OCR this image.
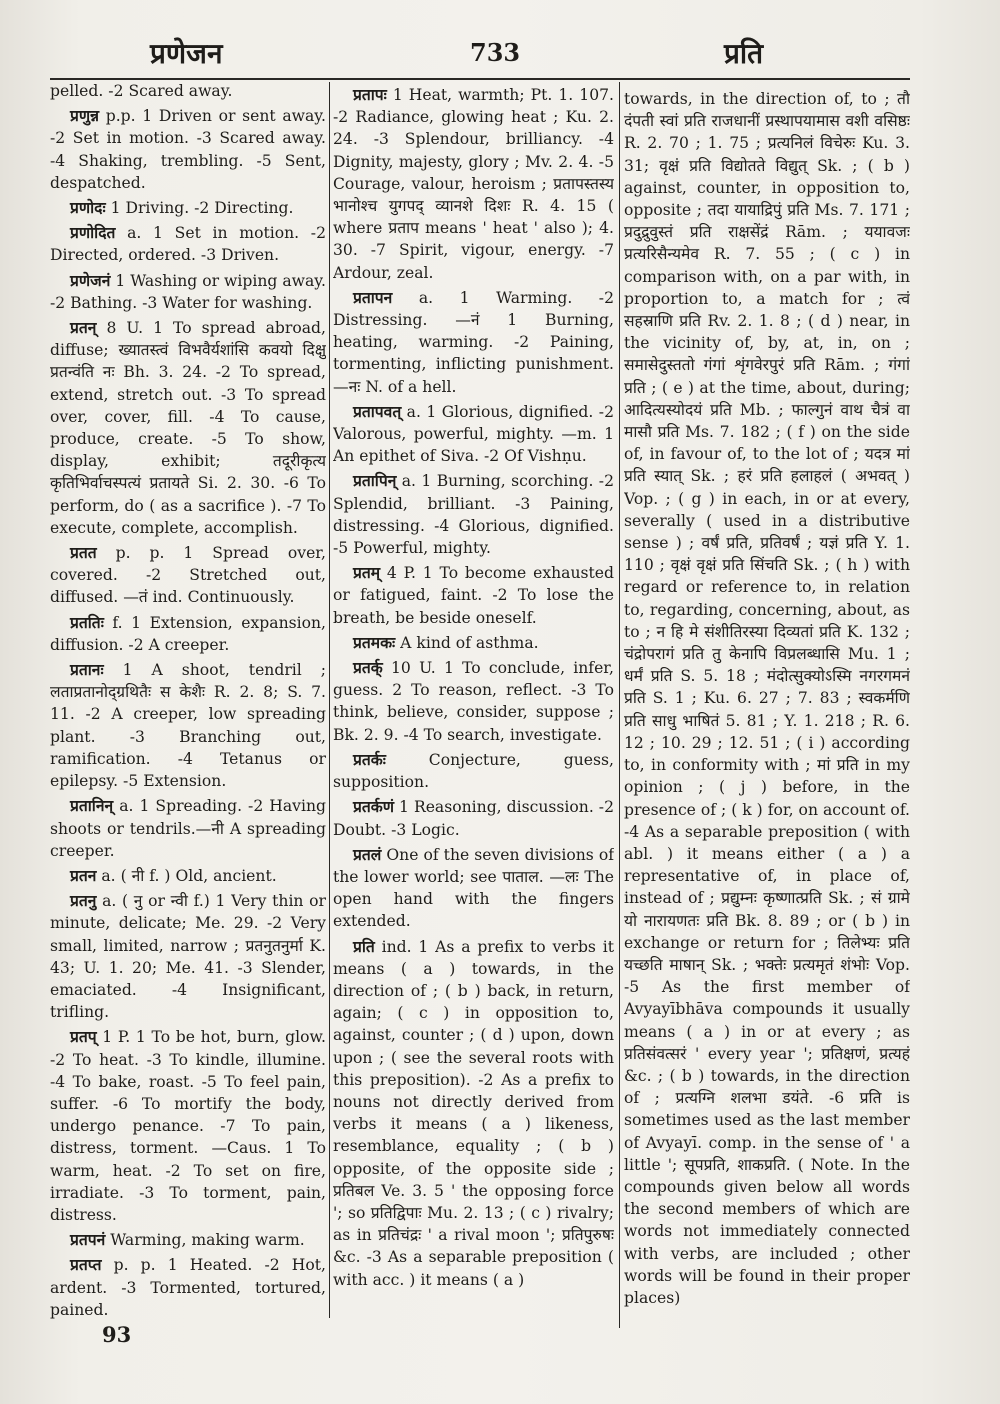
प्रणेजन	733	प्रति

pelled. -2 Scared away.

प्रणुन्न p.p. 1 Driven or sent away. -2 Set in motion. -3 Scared away. -4 Shaking, trembling. -5 Sent, despatched.

प्रणोदः 1 Driving. -2 Directing.

प्रणोदित a. 1 Set in motion. -2 Directed, ordered. -3 Driven.

प्रणेजनं 1 Washing or wiping away. -2 Bathing. -3 Water for washing.

प्रतन् 8 U. 1 To spread abroad, diffuse; ख्यातस्त्वं विभवैर्यशांसि कवयो दिक्षु प्रतन्वंति नः Bh. 3. 24. -2 To spread, extend, stretch out. -3 To spread over, cover, fill. -4 To cause, produce, create. -5 To show, display, exhibit; तदूरीकृत्य कृतिभिर्वाचस्पत्यं प्रतायते Si. 2. 30. -6 To perform, do ( as a sacrifice ). -7 To execute, complete, accomplish.

प्रतत p. p. 1 Spread over, covered. -2 Stretched out, diffused. —तं ind. Continuously.

प्रततिः f. 1 Extension, expansion, diffusion. -2 A creeper.

प्रतानः 1 A shoot, tendril ; लताप्रतानोद्ग्रथितैः स केशैः R. 2. 8; S. 7. 11. -2 A creeper, low spreading plant. -3 Branching out, ramification. -4 Tetanus or epilepsy. -5 Extension.

प्रतानिन् a. 1 Spreading. -2 Having shoots or tendrils.—नी A spreading creeper.

प्रतन a. ( नी f. ) Old, ancient.

प्रतनु a. ( नु or न्वी f.) 1 Very thin or minute, delicate; Me. 29. -2 Very small, limited, narrow ; प्रतनुतनुर्मा K. 43; U. 1. 20; Me. 41. -3 Slender, emaciated. -4 Insignificant, trifling.

प्रतप् 1 P. 1 To be hot, burn, glow. -2 To heat. -3 To kindle, illumine. -4 To bake, roast. -5 To feel pain, suffer. -6 To mortify the body, undergo penance. -7 To pain, distress, torment. —Caus. 1 To warm, heat. -2 To set on fire, irradiate. -3 To torment, pain, distress.

प्रतपनं Warming, making warm.

प्रतप्त p. p. 1 Heated. -2 Hot, ardent. -3 Tormented, tortured, pained.

प्रतापः 1 Heat, warmth; Pt. 1. 107. -2 Radiance, glowing heat ; Ku. 2. 24. -3 Splendour, brilliancy. -4 Dignity, majesty, glory ; Mv. 2. 4. -5 Courage, valour, heroism ; प्रतापस्तस्य भानोश्च युगपद् व्यानशे दिशः R. 4. 15 ( where प्रताप means ' heat ' also ); 4. 30. -7 Spirit, vigour, energy. -7 Ardour, zeal.

प्रतापन a. 1 Warming. -2 Distressing. —नं 1 Burning, heating, warming. -2 Paining, tormenting, inflicting punishment. —नः N. of a hell.

प्रतापवत् a. 1 Glorious, dignified. -2 Valorous, powerful, mighty. —m. 1 An epithet of Siva. -2 Of Vishṇu.

प्रतापिन् a. 1 Burning, scorching. -2 Splendid, brilliant. -3 Paining, distressing. -4 Glorious, dignified. -5 Powerful, mighty.

प्रतम् 4 P. 1 To become exhausted or fatigued, faint. -2 To lose the breath, be beside oneself.

प्रतमकः A kind of asthma.

प्रतर्क् 10 U. 1 To conclude, infer, guess. 2 To reason, reflect. -3 To think, believe, consider, suppose ; Bk. 2. 9. -4 To search, investigate.

प्रतर्कः Conjecture, guess, supposition.

प्रतर्कणं 1 Reasoning, discussion. -2 Doubt. -3 Logic.

प्रतलं One of the seven divisions of the lower world; see पाताल. —लः The open hand with the fingers extended.

प्रति ind. 1 As a prefix to verbs it means ( a ) towards, in the direction of ; ( b ) back, in return, again; ( c ) in opposition to, against, counter ; ( d ) upon, down upon ; ( see the several roots with this preposition). -2 As a prefix to nouns not directly derived from verbs it means ( a ) likeness, resemblance, equality ; ( b ) opposite, of the opposite side ; प्रतिबल Ve. 3. 5 ' the opposing force '; so प्रतिद्विपाः Mu. 2. 13 ; ( c ) rivalry; as in प्रतिचंद्रः ' a rival moon '; प्रतिपुरुषः &c. -3 As a separable preposition ( with acc. ) it means ( a )

towards, in the direction of, to ; तौ दंपती स्वां प्रति राजधानीं प्रस्थापयामास वशी वसिष्ठः R. 2. 70 ; 1. 75 ; प्रत्यनिलं विचेरुः Ku. 3. 31; वृक्षं प्रति विद्योतते विद्युत् Sk. ; ( b ) against, counter, in opposition to, opposite ; तदा यायाद्रिपुं प्रति Ms. 7. 171 ; प्रदुद्रुवुस्तं प्रति राक्षसेंद्रं Rām. ; ययावजः प्रत्यरिसैन्यमेव R. 7. 55 ; ( c ) in comparison with, on a par with, in proportion to, a match for ; त्वं सहस्राणि प्रति Rv. 2. 1. 8 ; ( d ) near, in the vicinity of, by, at, in, on ; समासेदुस्ततो गंगां शृंगवेरपुरं प्रति Rām. ; गंगां प्रति ; ( e ) at the time, about, during; आदित्यस्योदयं प्रति Mb. ; फाल्गुनं वाथ चैत्रं वा मासौ प्रति Ms. 7. 182 ; ( f ) on the side of, in favour of, to the lot of ; यदत्र मां प्रति स्यात् Sk. ; हरं प्रति हलाहलं ( अभवत् ) Vop. ; ( g ) in each, in or at every, severally ( used in a distributive sense ) ; वर्षं प्रति, प्रतिवर्षं ; यज्ञं प्रति Y. 1. 110 ; वृक्षं वृक्षं प्रति सिंचति Sk. ; ( h ) with regard or reference to, in relation to, regarding, concerning, about, as to ; न हि मे संशीतिरस्या दिव्यतां प्रति K. 132 ; चंद्रोपरागं प्रति तु केनापि विप्रलब्धासि Mu. 1 ; धर्मं प्रति S. 5. 18 ; मंदोत्सुक्योऽस्मि नगरगमनं प्रति S. 1 ; Ku. 6. 27 ; 7. 83 ; स्वकर्मणि प्रति साधु भाषितं 5. 81 ; Y. 1. 218 ; R. 6. 12 ; 10. 29 ; 12. 51 ; ( i ) according to, in conformity with ; मां प्रति in my opinion ; ( j ) before, in the presence of ; ( k ) for, on account of. -4 As a separable preposition ( with abl. ) it means either ( a ) a representative of, in place of, instead of ; प्रद्युम्नः कृष्णात्प्रति Sk. ; सं ग्रामे यो नारायणतः प्रति Bk. 8. 89 ; or ( b ) in exchange or return for ; तिलेभ्यः प्रति यच्छति माषान् Sk. ; भक्तेः प्रत्यमृतं शंभोः Vop. -5 As the first member of Avyayībhāva compounds it usually means ( a ) in or at every ; as प्रतिसंवत्सरं ' every year '; प्रतिक्षणं, प्रत्यहं &c. ; ( b ) towards, in the direction of ; प्रत्यग्नि शलभा डयंते. -6 प्रति is sometimes used as the last member of Avyayī. comp. in the sense of ' a little '; सूपप्रति, शाकप्रति. ( Note. In the compounds given below all words the second members of which are words not immediately connected with verbs, are included ; other words will be found in their proper places)

93
